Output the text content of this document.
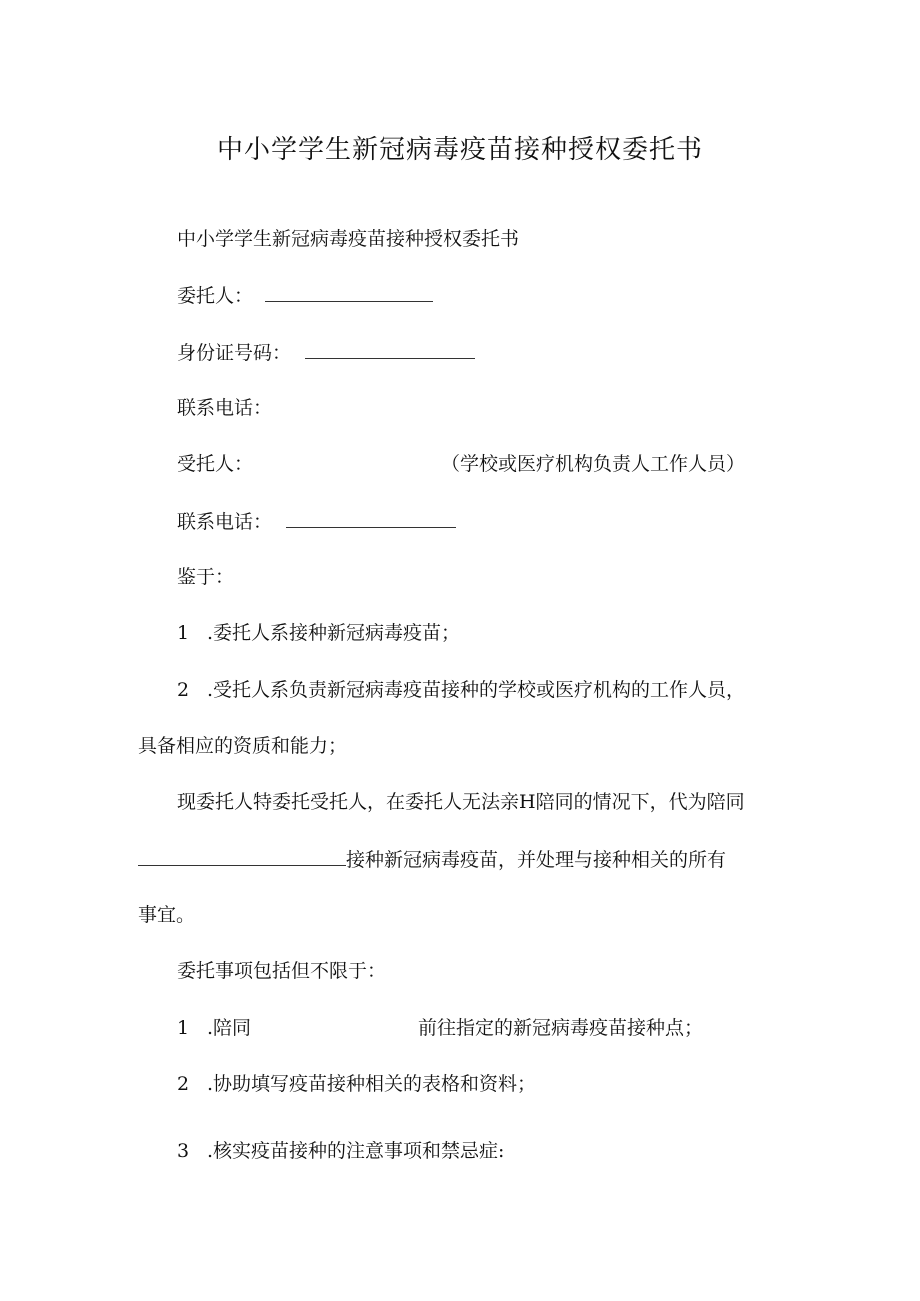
中小学学生新冠病毒疫苗接种授权委托书
中小学学生新冠病毒疫苗接种授权委托书
委托人：
身份证号码：
联系电话：
受托人：	（学校或医疗机构负责人工作人员）
联系电话：
鉴于：
1 .委托人系接种新冠病毒疫苗；
2 .受托人系负责新冠病毒疫苗接种的学校或医疗机构的工作人员，
具备相应的资质和能力；
现委托人特委托受托人，在委托人无法亲H陪同的情况下，代为陪同
接种新冠病毒疫苗，并处理与接种相关的所有
事宜。
委托事项包括但不限于：
1 .陪同	前往指定的新冠病毒疫苗接种点；
2 .协助填写疫苗接种相关的表格和资料；
3 .核实疫苗接种的注意事项和禁忌症:
